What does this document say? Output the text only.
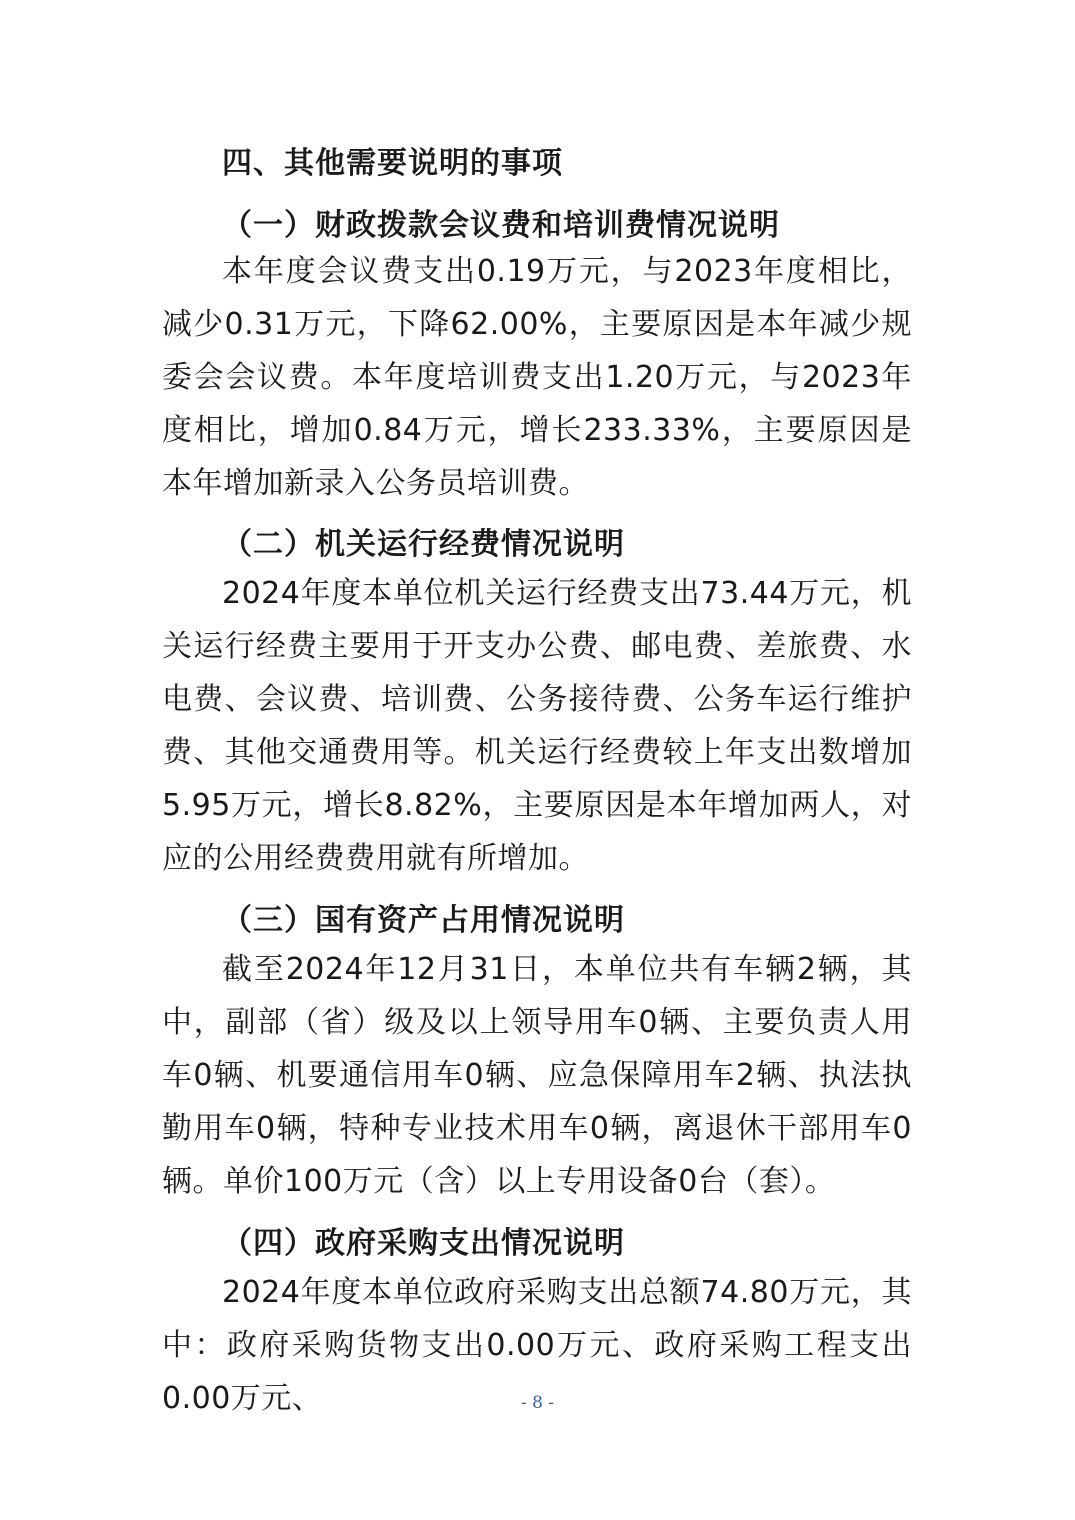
四、其他需要说明的事项
（一）财政拨款会议费和培训费情况说明
本年度会议费支出0.19万元，与2023年度相比，减少0.31万元，下降62.00%，主要原因是本年减少规委会会议费。本年度培训费支出1.20万元，与2023年度相比，增加0.84万元，增长233.33%，主要原因是本年增加新录入公务员培训费。
（二）机关运行经费情况说明
2024年度本单位机关运行经费支出73.44万元，机关运行经费主要用于开支办公费、邮电费、差旅费、水电费、会议费、培训费、公务接待费、公务车运行维护费、其他交通费用等。机关运行经费较上年支出数增加5.95万元，增长8.82%，主要原因是本年增加两人，对应的公用经费费用就有所增加。
（三）国有资产占用情况说明
截至2024年12月31日，本单位共有车辆2辆，其中，副部（省）级及以上领导用车0辆、主要负责人用车0辆、机要通信用车0辆、应急保障用车2辆、执法执勤用车0辆，特种专业技术用车0辆，离退休干部用车0辆。单价100万元（含）以上专用设备0台（套）。
（四）政府采购支出情况说明
2024年度本单位政府采购支出总额74.80万元，其中：政府采购货物支出0.00万元、政府采购工程支出0.00万元、	- 8 -
